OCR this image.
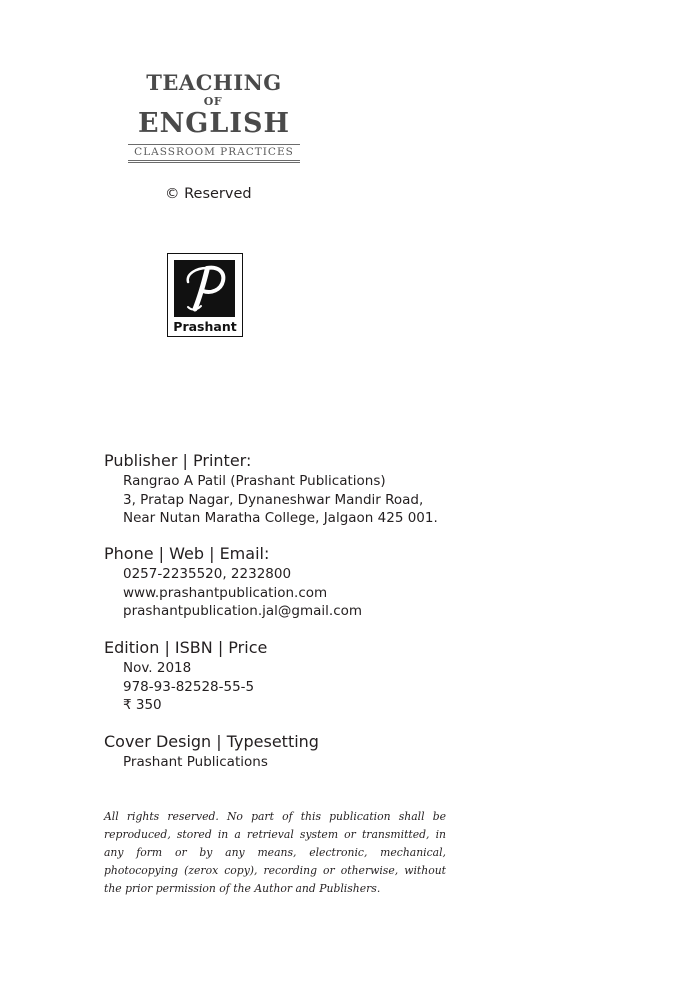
TEACHING
OF
ENGLISH
CLASSROOM PRACTICES
© Reserved
Prashant
Publisher | Printer:
Rangrao A Patil (Prashant Publications)
3, Pratap Nagar, Dynaneshwar Mandir Road,
Near Nutan Maratha College, Jalgaon 425 001.
Phone | Web | Email:
0257-2235520, 2232800
www.prashantpublication.com
prashantpublication.jal@gmail.com
Edition | ISBN | Price
Nov. 2018
978-93-82528-55-5
₹ 350
Cover Design | Typesetting
Prashant Publications
All rights reserved. No part of this publication shall be reproduced, stored in a retrieval system or transmitted, in any form or by any means, electronic, mechanical, photocopying (zerox copy), recording or otherwise, without the prior permission of the Author and Publishers.
